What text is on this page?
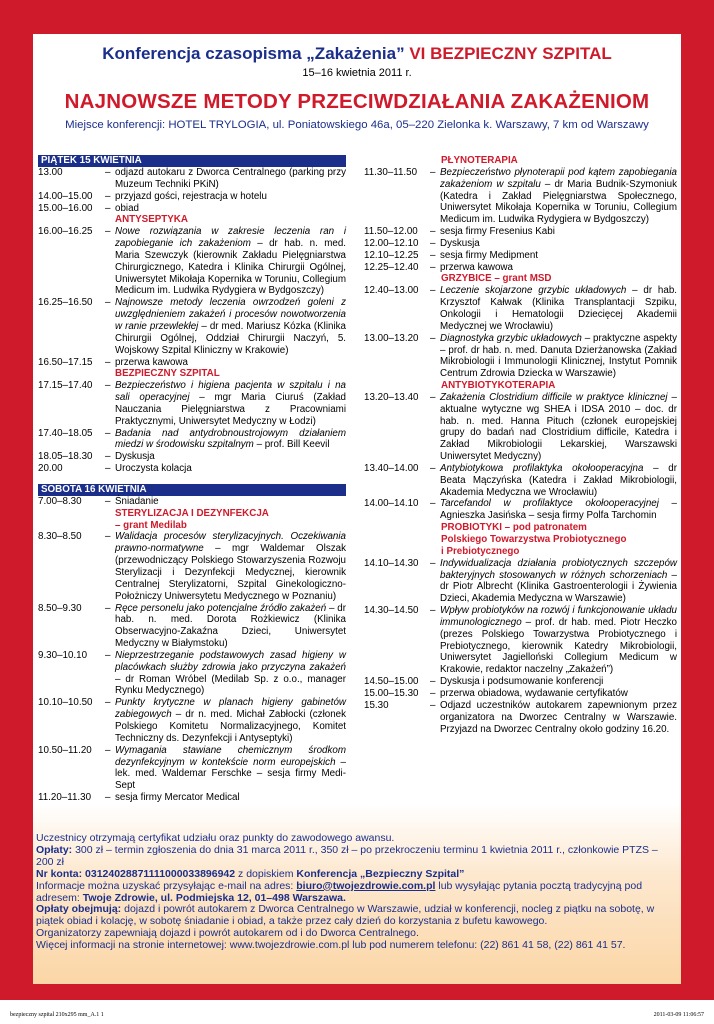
Konferencja czasopisma „Zakażenia” VI BEZPIECZNY SZPITAL
15–16 kwietnia 2011 r.
NAJNOWSZE METODY PRZECIWDZIAŁANIA ZAKAŻENIOM
Miejsce konferencji: HOTEL TRYLOGIA, ul. Poniatowskiego 46a, 05–220 Zielonka k. Warszawy, 7 km od Warszawy
PIĄTEK 15 KWIETNIA
13.00	– odjazd autokaru z Dworca Centralnego (parking przy Muzeum Techniki PKiN)
14.00–15.00	– przyjazd gości, rejestracja w hotelu
15.00–16.00	– obiad
ANTYSEPTYKA
16.00–16.25	– Nowe rozwiązania w zakresie leczenia ran i zapobieganie ich zakażeniom – dr hab. n. med. Maria Szewczyk (kierownik Zakładu Pielęgniarstwa Chirurgicznego, Katedra i Klinika Chirurgii Ogólnej, Uniwersytet Mikołaja Kopernika w Toruniu, Collegium Medicum im. Ludwika Rydygiera w Bydgoszczy)
16.25–16.50	– Najnowsze metody leczenia owrzodzeń goleni z uwzględnieniem zakażeń i procesów nowotworzenia w ranie przewlekłej – dr med. Mariusz Kózka (Klinika Chirurgii Ogólnej, Oddział Chirurgii Naczyń, 5. Wojskowy Szpital Kliniczny w Krakowie)
16.50–17.15	– przerwa kawowa
BEZPIECZNY SZPITAL
17.15–17.40	– Bezpieczeństwo i higiena pacjenta w szpitalu i na sali operacyjnej – mgr Maria Ciuruś (Zakład Nauczania Pielęgniarstwa z Pracowniami Praktycznymi, Uniwersytet Medyczny w Łodzi)
17.40–18.05	– Badania nad antydrobnoustrojowym działaniem miedzi w środowisku szpitalnym – prof. Bill Keevil
18.05–18.30	– Dyskusja
20.00	– Uroczysta kolacja
SOBOTA 16 KWIETNIA
7.00–8.30	– Śniadanie
STERYLIZACJA I DEZYNFEKCJA
– grant Medilab
8.30–8.50	– Walidacja procesów sterylizacyjnych. Oczekiwania prawno-normatywne – mgr Waldemar Olszak (przewodniczący Polskiego Stowarzyszenia Rozwoju Sterylizacji i Dezynfekcji Medycznej, kierownik Centralnej Sterylizatorni, Szpital Ginekologiczno-Położniczy Uniwersytetu Medycznego w Poznaniu)
8.50–9.30	– Ręce personelu jako potencjalne źródło zakażeń – dr hab. n. med. Dorota Rożkiewicz (Klinika Obserwacyjno-Zakaźna Dzieci, Uniwersytet Medyczny w Białymstoku)
9.30–10.10	– Nieprzestrzeganie podstawowych zasad higieny w placówkach służby zdrowia jako przyczyna zakażeń – dr Roman Wróbel (Medilab Sp. z o.o., manager Rynku Medycznego)
10.10–10.50	– Punkty krytyczne w planach higieny gabinetów zabiegowych – dr n. med. Michał Zabłocki (członek Polskiego Komitetu Normalizacyjnego, Komitet Techniczny ds. Dezynfekcji i Antyseptyki)
10.50–11.20	– Wymagania stawiane chemicznym środkom dezynfekcyjnym w kontekście norm europejskich – lek. med. Waldemar Ferschke – sesja firmy Medi-Sept
11.20–11.30	– sesja firmy Mercator Medical
PŁYNOTERAPIA
11.30–11.50	– Bezpieczeństwo płynoterapii pod kątem zapobiegania zakażeniom w szpitalu – dr Maria Budnik-Szymoniuk (Katedra i Zakład Pielęgniarstwa Społecznego, Uniwersytet Mikołaja Kopernika w Toruniu, Collegium Medicum im. Ludwika Rydygiera w Bydgoszczy)
11.50–12.00	– sesja firmy Fresenius Kabi
12.00–12.10	– Dyskusja
12.10–12.25	– sesja firmy Medipment
12.25–12.40	– przerwa kawowa
GRZYBICE – grant MSD
12.40–13.00	– Leczenie skojarzone grzybic układowych – dr hab. Krzysztof Kałwak (Klinika Transplantacji Szpiku, Onkologii i Hematologii Dziecięcej Akademii Medycznej we Wrocławiu)
13.00–13.20	– Diagnostyka grzybic układowych – praktyczne aspekty – prof. dr hab. n. med. Danuta Dzierżanowska (Zakład Mikrobiologii i Immunologii Klinicznej, Instytut Pomnik Centrum Zdrowia Dziecka w Warszawie)
ANTYBIOTYKOTERAPIA
13.20–13.40	– Zakażenia Clostridium difficile w praktyce klinicznej – aktualne wytyczne wg SHEA i IDSA 2010 – doc. dr hab. n. med. Hanna Pituch (członek europejskiej grupy do badań nad Clostridium difficile, Katedra i Zakład Mikrobiologii Lekarskiej, Warszawski Uniwersytet Medyczny)
13.40–14.00	– Antybiotykowa profilaktyka okołooperacyjna – dr Beata Mączyńska (Katedra i Zakład Mikrobiologii, Akademia Medyczna we Wrocławiu)
14.00–14.10	– Tarcefandol w profilaktyce okołooperacyjnej – Agnieszka Jasińska – sesja firmy Polfa Tarchomin
PROBIOTYKI – pod patronatem
Polskiego Towarzystwa Probiotycznego
i Prebiotycznego
14.10–14.30	– Indywidualizacja działania probiotycznych szczepów bakteryjnych stosowanych w różnych schorzeniach – dr Piotr Albrecht (Klinika Gastroenterologii i Żywienia Dzieci, Akademia Medyczna w Warszawie)
14.30–14.50	– Wpływ probiotyków na rozwój i funkcjonowanie układu immunologicznego – prof. dr hab. med. Piotr Heczko (prezes Polskiego Towarzystwa Probiotycznego i Prebiotycznego, kierownik Katedry Mikrobiologii, Uniwersytet Jagielloński Collegium Medicum w Krakowie, redaktor naczelny „Zakażeń”)
14.50–15.00	– Dyskusja i podsumowanie konferencji
15.00–15.30	– przerwa obiadowa, wydawanie certyfikatów
15.30	– Odjazd uczestników autokarem zapewnionym przez organizatora na Dworzec Centralny w Warszawie. Przyjazd na Dworzec Centralny około godziny 16.20.
Uczestnicy otrzymają certyfikat udziału oraz punkty do zawodowego awansu.
Opłaty: 300 zł – termin zgłoszenia do dnia 31 marca 2011 r., 350 zł – po przekroczeniu terminu 1 kwietnia 2011 r., członkowie PTZS – 200 zł
Nr konta: 03124028871111000033896942 z dopiskiem Konferencja „Bezpieczny Szpital”
Informacje można uzyskać przysyłając e-mail na adres: biuro@twojezdrowie.com.pl lub wysyłając pytania pocztą tradycyjną pod adresem: Twoje Zdrowie, ul. Podmiejska 12, 01–498 Warszawa.
Opłaty obejmują: dojazd i powrót autokarem z Dworca Centralnego w Warszawie, udział w konferencji, nocleg z piątku na sobotę, w piątek obiad i kolację, w sobotę śniadanie i obiad, a także przez cały dzień do korzystania z bufetu kawowego.
Organizatorzy zapewniają dojazd i powrót autokarem od i do Dworca Centralnego.
Więcej informacji na stronie internetowej: www.twojezdrowie.com.pl lub pod numerem telefonu: (22) 861 41 58, (22) 861 41 57.
bezpieczny szpital 210x295 mm_A.1 1	2011-03-09 11:06:57
